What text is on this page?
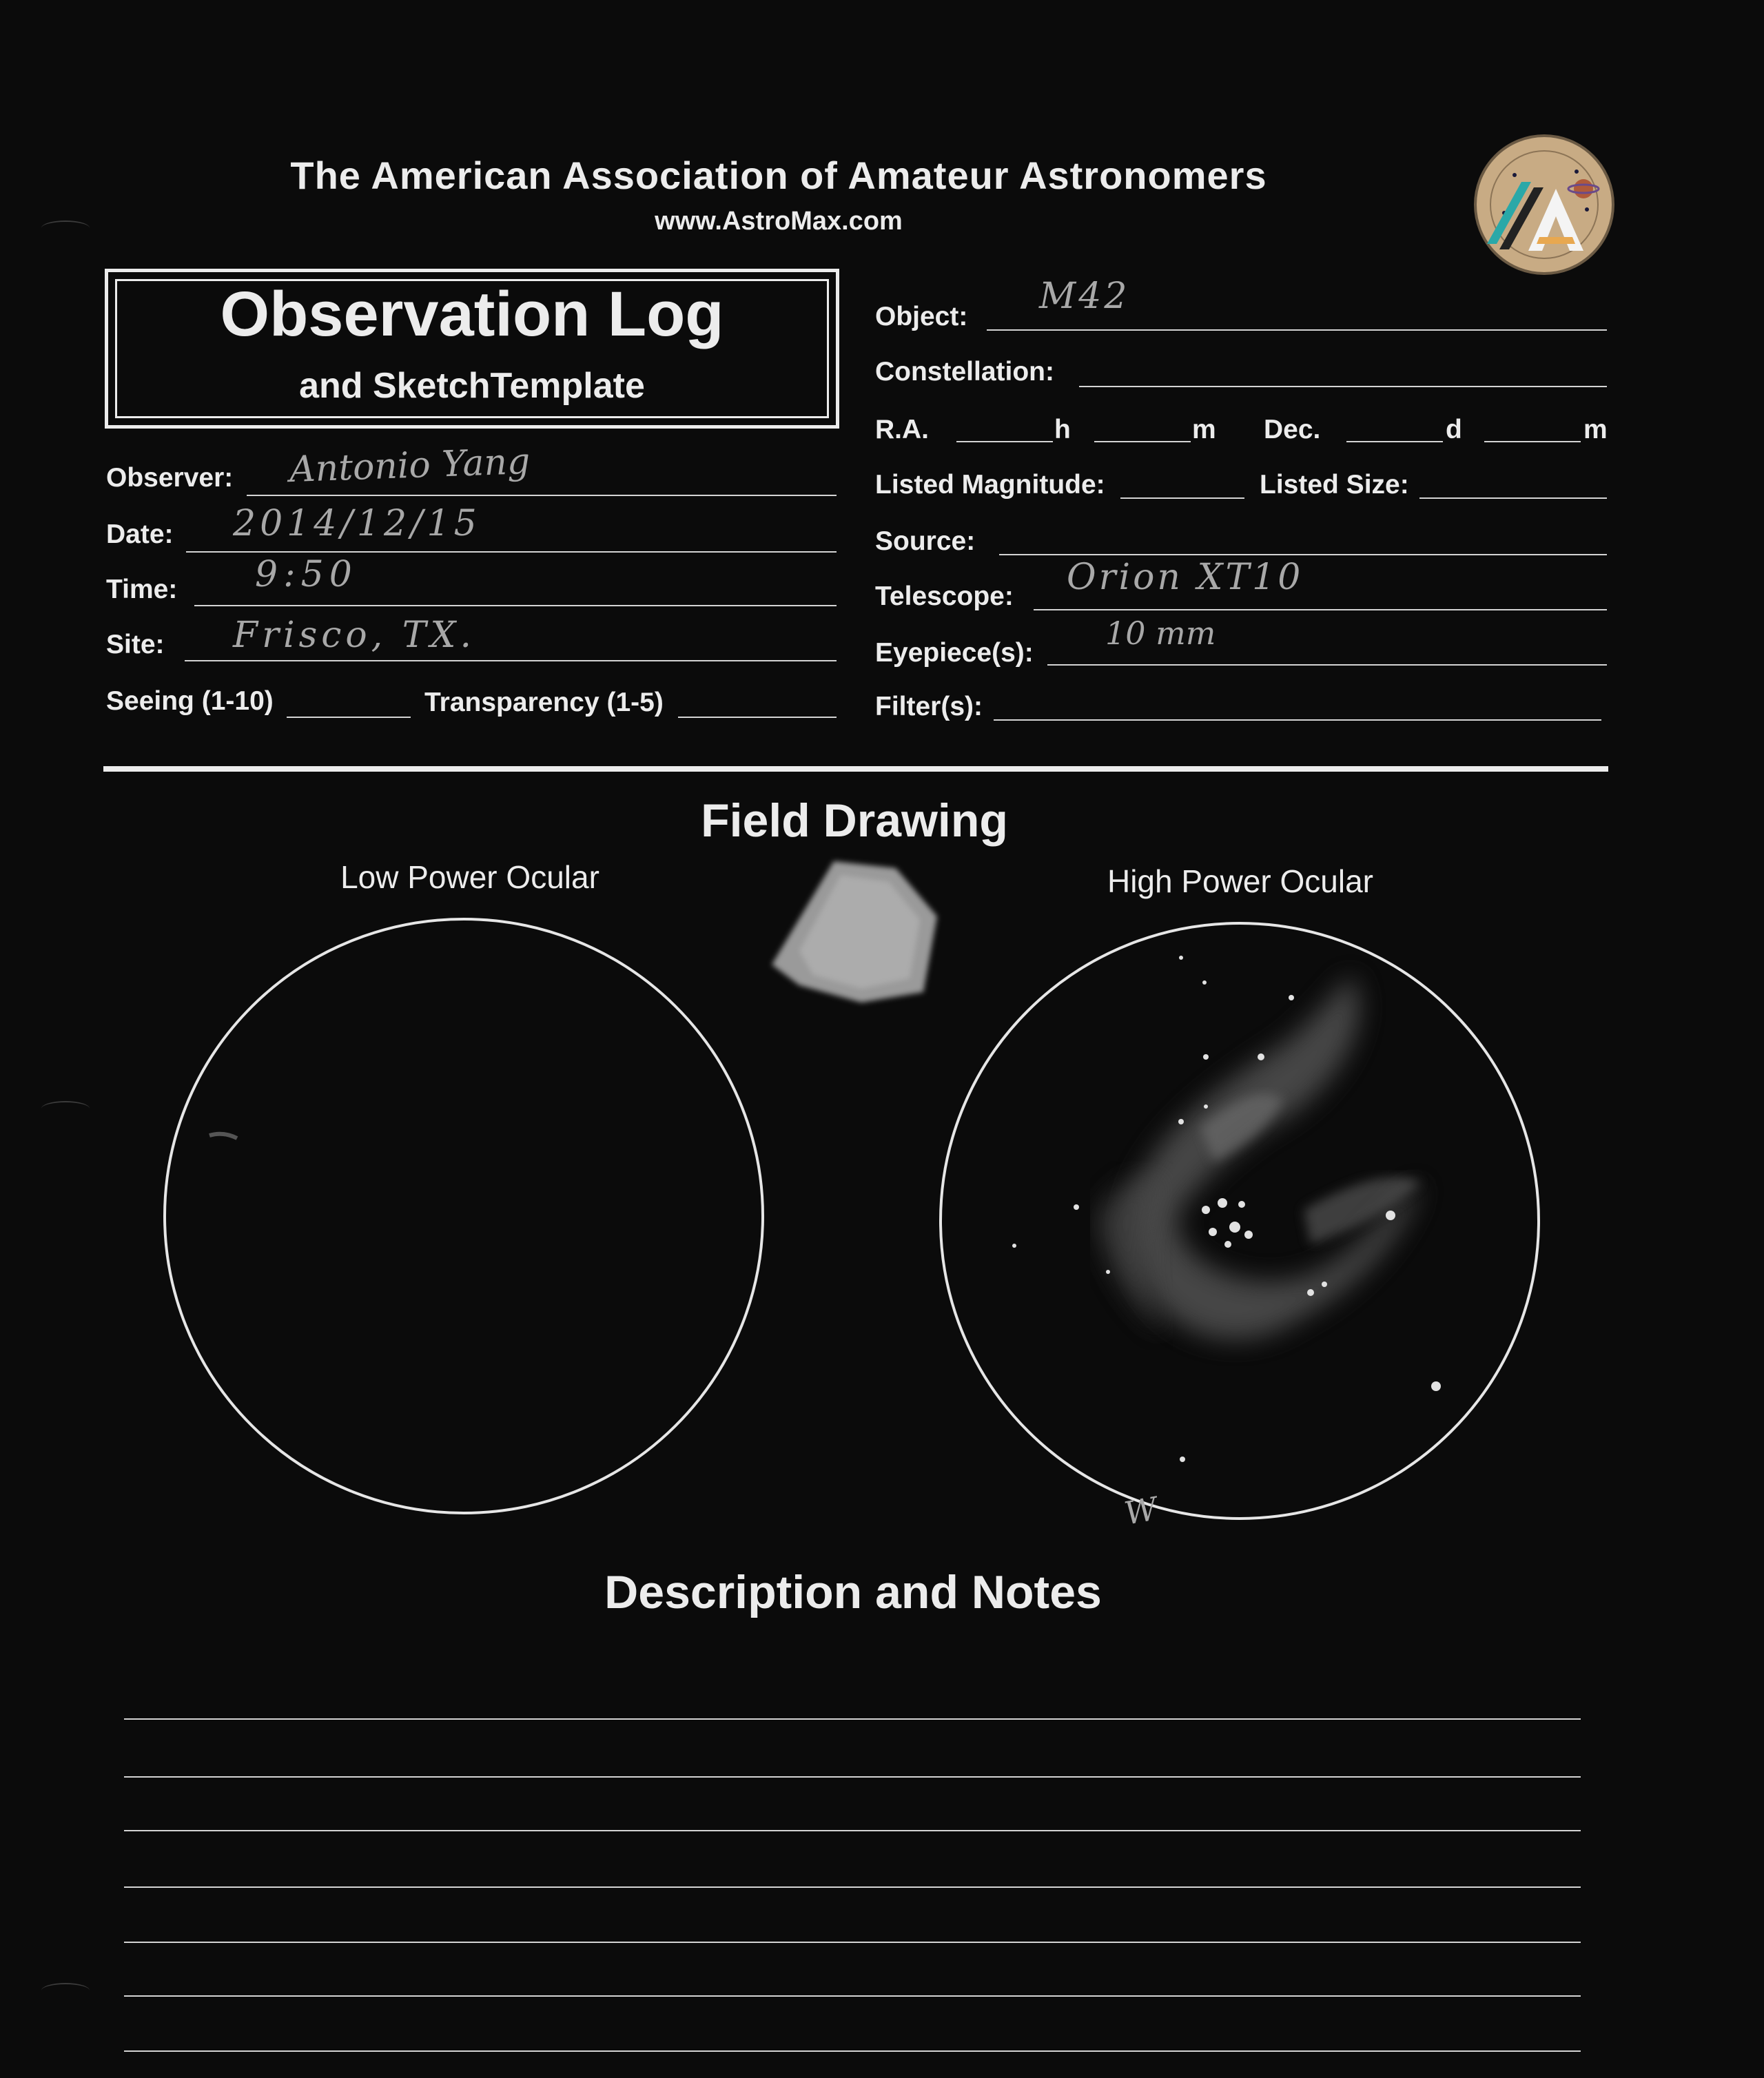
The American Association of Amateur Astronomers
www.AstroMax.com
Observation Log
and SketchTemplate
Observer: Antonio Yang
Date: 2014/12/15
Time: 9:50
Site: Frisco, TX.
Seeing (1-10)	Transparency (1-5)
Object: M42
Constellation:
R.A.	h	m Dec.	d	m
Listed Magnitude:	Listed Size:
Source:
Telescope: Orion XT10
Eyepiece(s):
10 mm
Filter(s):
Field Drawing
Low Power Ocular	High Power Ocular
W
Description and Notes
